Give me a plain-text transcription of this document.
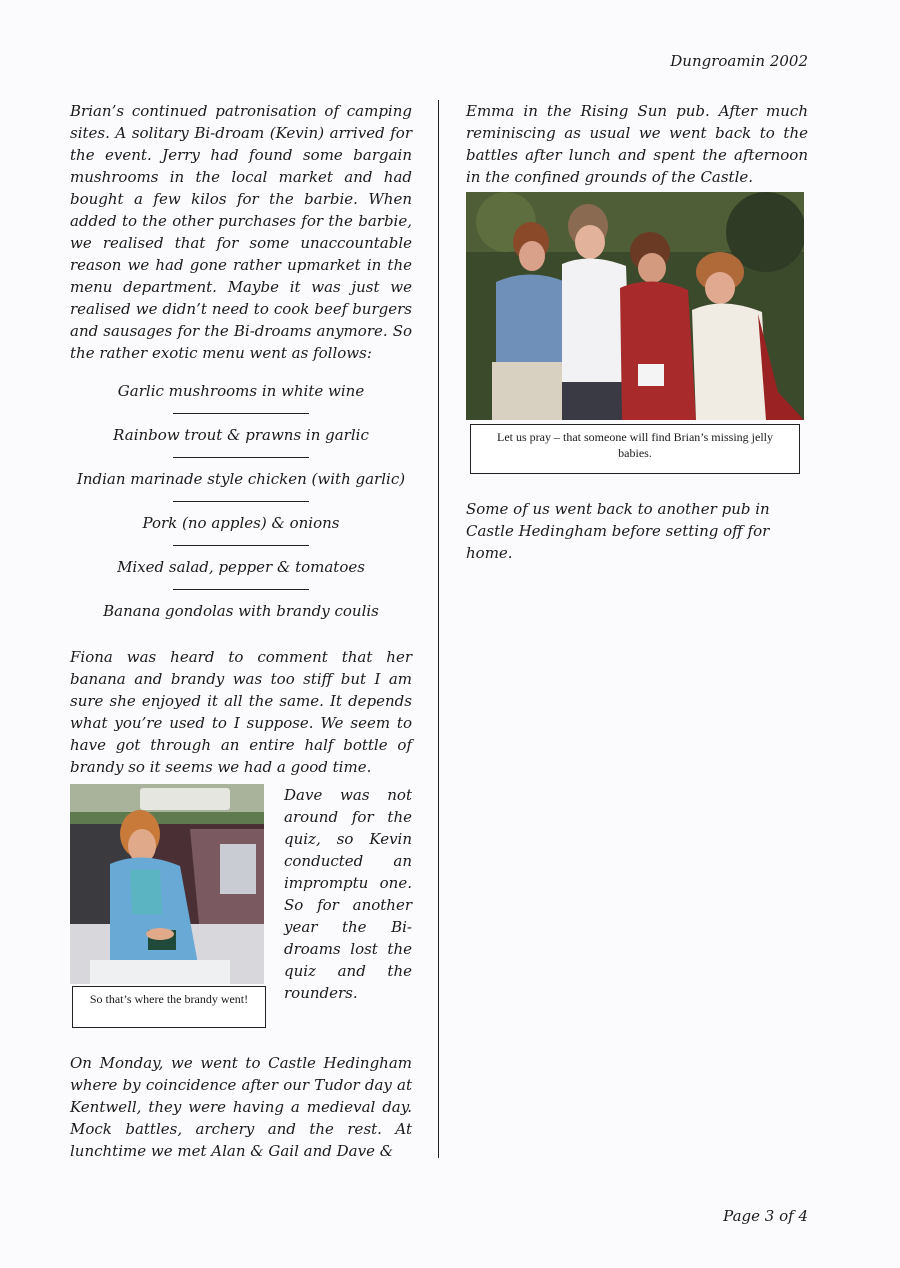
Dungroamin 2002

Brian’s continued patronisation of camping sites. A solitary Bi-droam (Kevin) arrived for the event. Jerry had found some bargain mushrooms in the local market and had bought a few kilos for the barbie. When added to the other purchases for the barbie, we realised that for some unaccountable reason we had gone rather upmarket in the menu department. Maybe it was just we realised we didn’t need to cook beef burgers and sausages for the Bi-droams anymore. So the rather exotic menu went as follows:

Garlic mushrooms in white wine
Rainbow trout & prawns in garlic
Indian marinade style chicken (with garlic)
Pork (no apples) & onions
Mixed salad, pepper & tomatoes
Banana gondolas with brandy coulis

Fiona was heard to comment that her banana and brandy was too stiff but I am sure she enjoyed it all the same. It depends what you’re used to I suppose. We seem to have got through an entire half bottle of brandy so it seems we had a good time.

So that’s where the brandy went!

Dave was not around for the quiz, so Kevin conducted an impromptu one. So for another year the Bi-droams lost the quiz and the rounders.

On Monday, we went to Castle Hedingham where by coincidence after our Tudor day at Kentwell, they were having a medieval day. Mock battles, archery and the rest. At lunchtime we met Alan & Gail and Dave &

Emma in the Rising Sun pub. After much reminiscing as usual we went back to the battles after lunch and spent the afternoon in the confined grounds of the Castle.

Let us pray – that someone will find Brian’s missing jelly babies.

Some of us went back to another pub in Castle Hedingham before setting off for home.

Page 3 of 4
